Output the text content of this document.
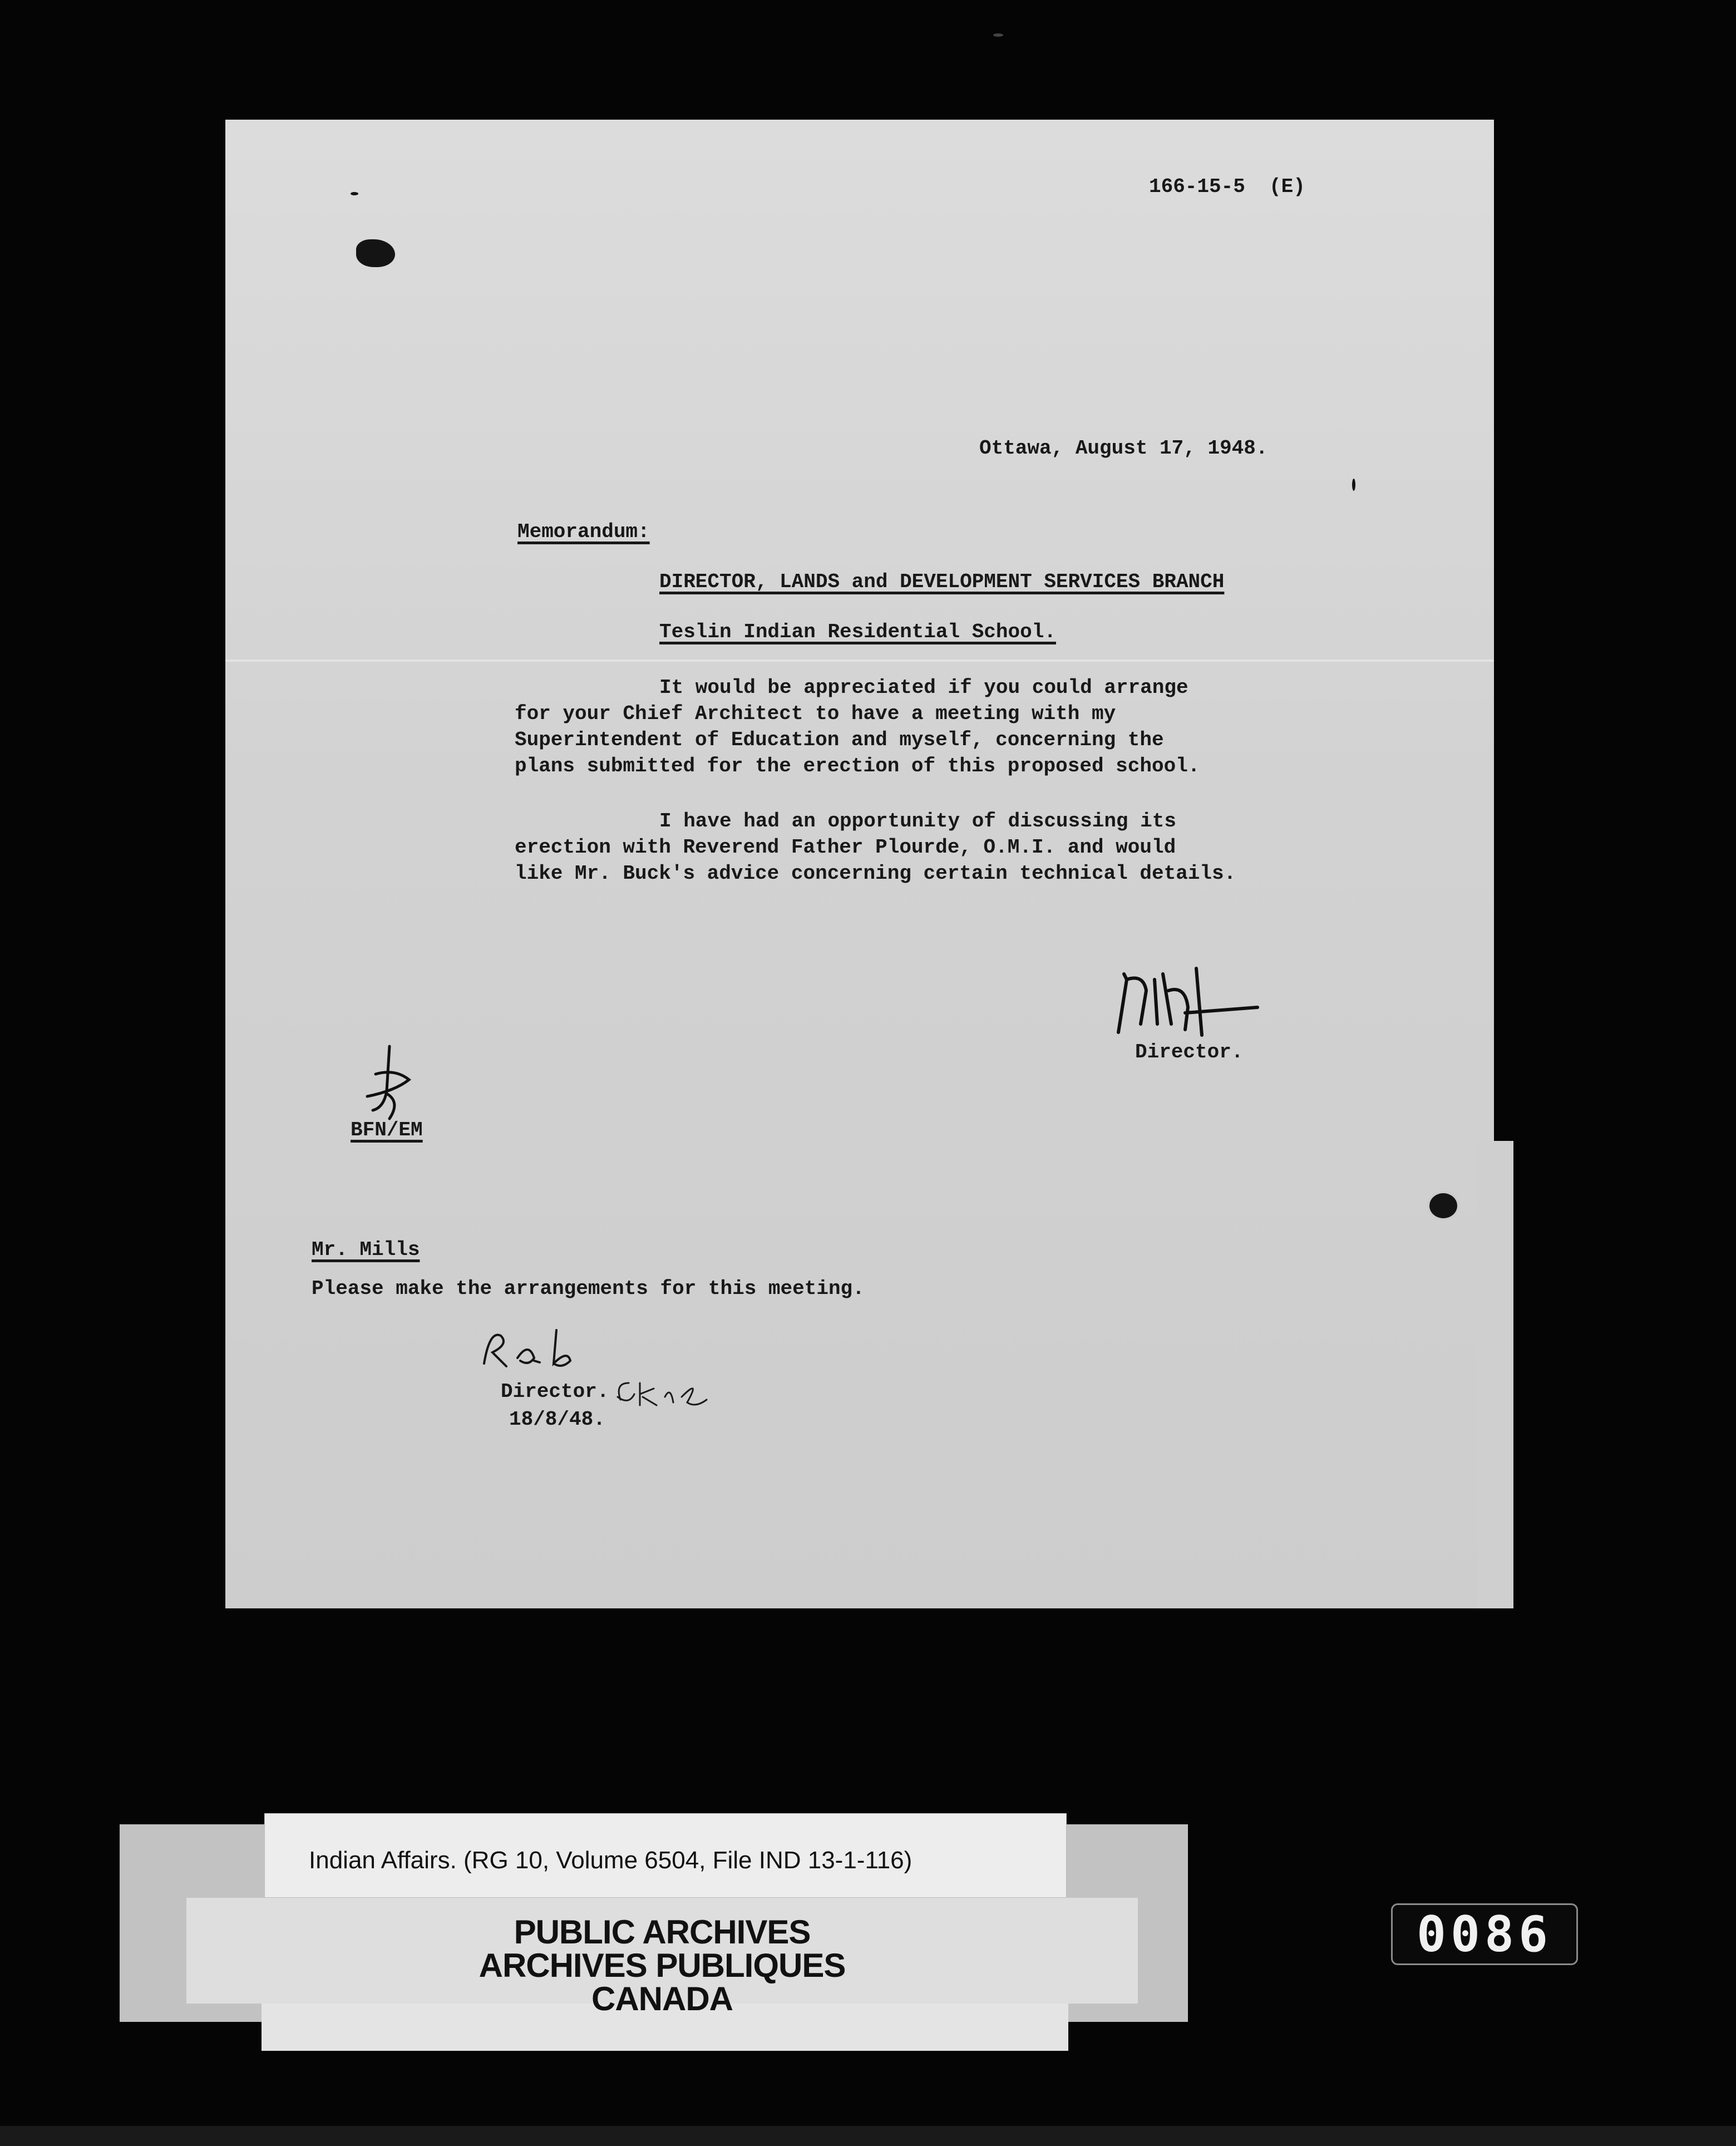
166-15-5  (E)
Ottawa, August 17, 1948.
Memorandum:
DIRECTOR, LANDS and DEVELOPMENT SERVICES BRANCH
Teslin Indian Residential School.
It would be appreciated if you could arrange
for your Chief Architect to have a meeting with my
Superintendent of Education and myself, concerning the
plans submitted for the erection of this proposed school.
I have had an opportunity of discussing its
erection with Reverend Father Plourde, O.M.I. and would
like Mr. Buck's advice concerning certain technical details.
Director.
BFN/EM
Mr. Mills
Please make the arrangements for this meeting.
Director.
18/8/48.
Indian Affairs. (RG 10, Volume 6504, File IND 13-1-116)
PUBLIC ARCHIVES
ARCHIVES PUBLIQUES
CANADA
0086
